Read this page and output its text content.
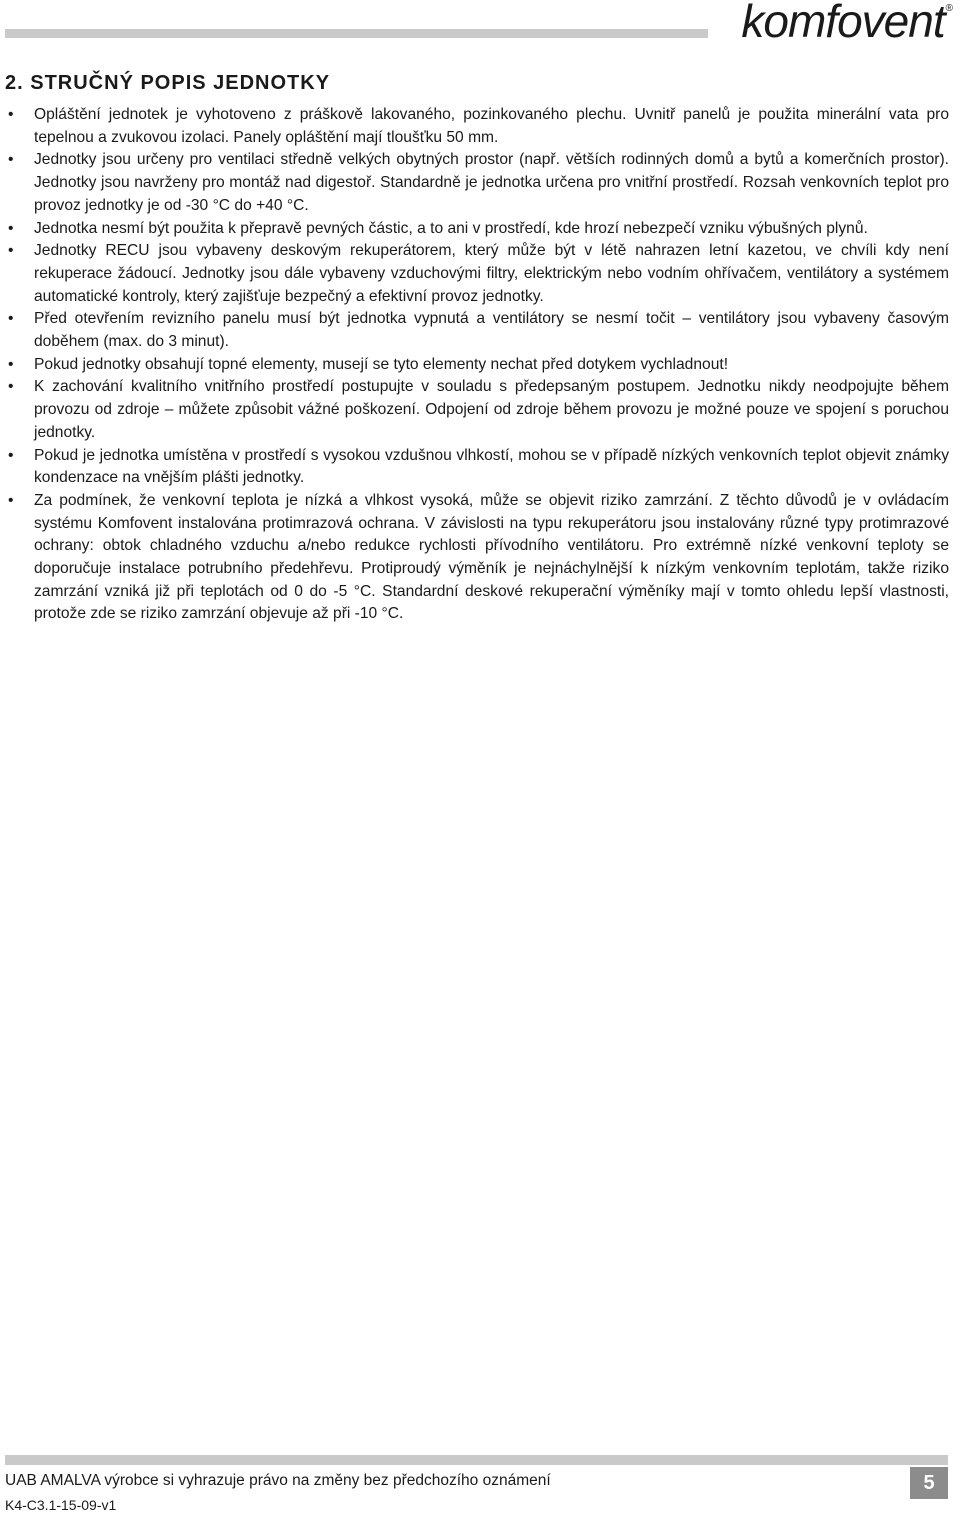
komfovent®
2. STRUČNÝ POPIS JEDNOTKY
• Opláštění jednotek je vyhotoveno z práškově lakovaného, pozinkovaného plechu. Uvnitř panelů je použita minerální vata pro tepelnou a zvukovou izolaci. Panely opláštění mají tloušťku 50 mm.
• Jednotky jsou určeny pro ventilaci středně velkých obytných prostor (např. větších rodinných domů a bytů a komerčních prostor). Jednotky jsou navrženy pro montáž nad digestoř. Standardně je jednotka určena pro vnitřní prostředí. Rozsah venkovních teplot pro provoz jednotky je od -30 °C do +40 °C.
• Jednotka nesmí být použita k přepravě pevných částic, a to ani v prostředí, kde hrozí nebezpečí vzniku výbušných plynů.
• Jednotky RECU jsou vybaveny deskovým rekuperátorem, který může být v létě nahrazen letní kazetou, ve chvíli kdy není rekuperace žádoucí. Jednotky jsou dále vybaveny vzduchovými filtry, elektrickým nebo vodním ohřívačem, ventilátory a systémem automatické kontroly, který zajišťuje bezpečný a efektivní provoz jednotky.
• Před otevřením revizního panelu musí být jednotka vypnutá a ventilátory se nesmí točit – ventilátory jsou vybaveny časovým doběhem (max. do 3 minut).
• Pokud jednotky obsahují topné elementy, musejí se tyto elementy nechat před dotykem vychladnout!
• K zachování kvalitního vnitřního prostředí postupujte v souladu s předepsaným postupem. Jednotku nikdy neodpojujte během provozu od zdroje – můžete způsobit vážné poškození. Odpojení od zdroje během provozu je možné pouze ve spojení s poruchou jednotky.
• Pokud je jednotka umístěna v prostředí s vysokou vzdušnou vlhkostí, mohou se v případě nízkých venkovních teplot objevit známky kondenzace na vnějším plášti jednotky.
• Za podmínek, že venkovní teplota je nízká a vlhkost vysoká, může se objevit riziko zamrzání. Z těchto důvodů je v ovládacím systému Komfovent instalována protimrazová ochrana. V závislosti na typu rekuperátoru jsou instalovány různé typy protimrazové ochrany: obtok chladného vzduchu a/nebo redukce rychlosti přívodního ventilátoru. Pro extrémně nízké venkovní teploty se doporučuje instalace potrubního předehřevu. Protiproudý výměník je nejnáchylnější k nízkým venkovním teplotám, takže riziko zamrzání vzniká již při teplotách od 0 do -5 °C. Standardní deskové rekuperační výměníky mají v tomto ohledu lepší vlastnosti, protože zde se riziko zamrzání objevuje až při -10 °C.
UAB AMALVA výrobce si vyhrazuje právo na změny bez předchozího oznámení
K4-C3.1-15-09-v1
5
